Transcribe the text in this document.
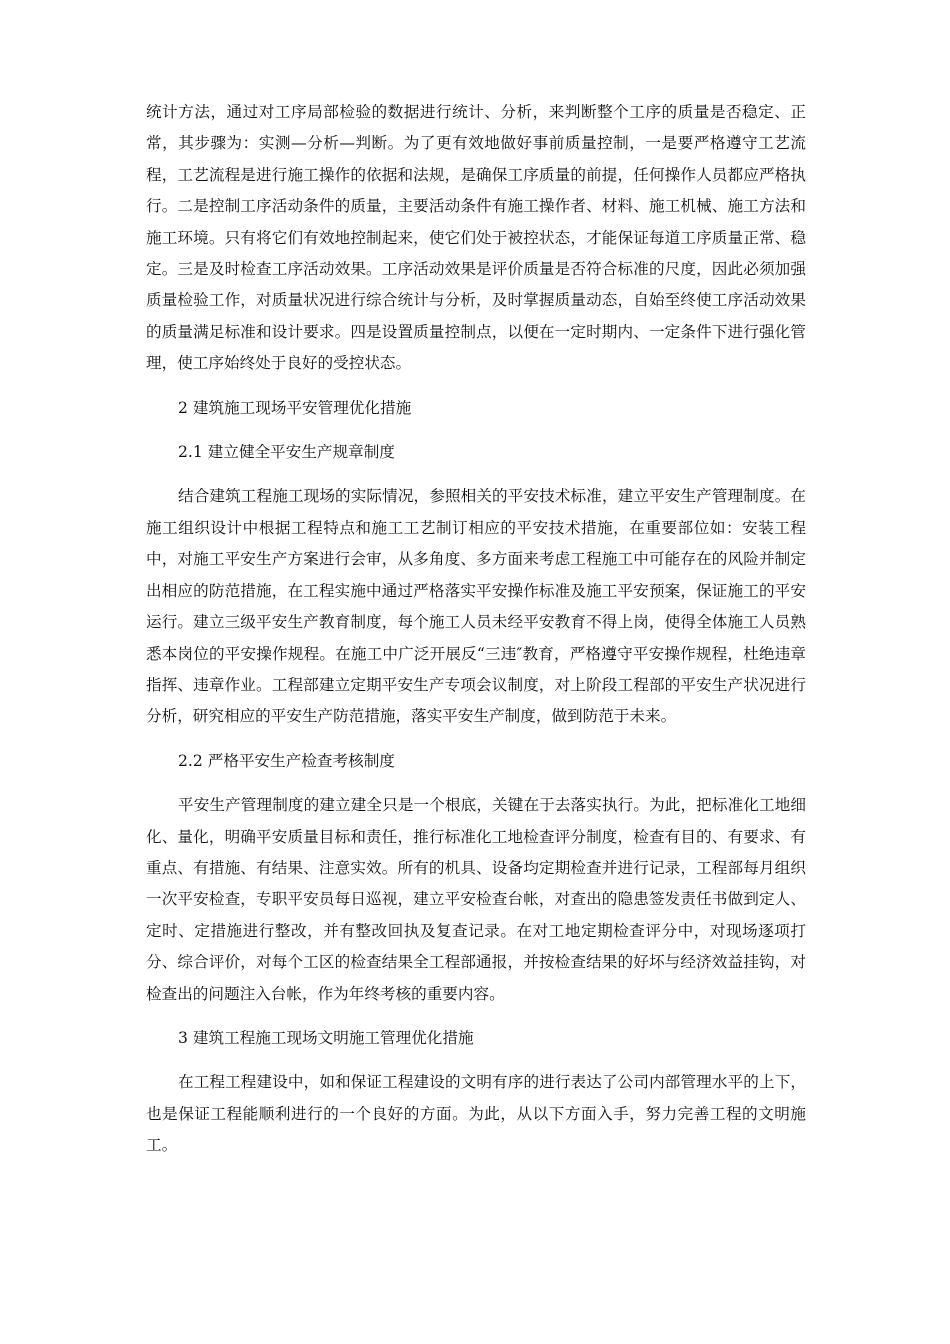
统计方法，通过对工序局部检验的数据进行统计、分析，来判断整个工序的质量是否稳定、正常，其步骤为：实测—分析—判断。为了更有效地做好事前质量控制，一是要严格遵守工艺流程，工艺流程是进行施工操作的依据和法规，是确保工序质量的前提，任何操作人员都应严格执行。二是控制工序活动条件的质量，主要活动条件有施工操作者、材料、施工机械、施工方法和施工环境。只有将它们有效地控制起来，使它们处于被控状态，才能保证每道工序质量正常、稳定。三是及时检查工序活动效果。工序活动效果是评价质量是否符合标准的尺度，因此必须加强质量检验工作，对质量状况进行综合统计与分析，及时掌握质量动态，自始至终使工序活动效果的质量满足标准和设计要求。四是设置质量控制点，以便在一定时期内、一定条件下进行强化管理，使工序始终处于良好的受控状态。

2 建筑施工现场平安管理优化措施

2.1 建立健全平安生产规章制度

结合建筑工程施工现场的实际情况，参照相关的平安技术标准，建立平安生产管理制度。在施工组织设计中根据工程特点和施工工艺制订相应的平安技术措施，在重要部位如：安装工程中，对施工平安生产方案进行会审，从多角度、多方面来考虑工程施工中可能存在的风险并制定出相应的防范措施，在工程实施中通过严格落实平安操作标准及施工平安预案，保证施工的平安运行。建立三级平安生产教育制度，每个施工人员未经平安教育不得上岗，使得全体施工人员熟悉本岗位的平安操作规程。在施工中广泛开展反“三违″教育，严格遵守平安操作规程，杜绝违章指挥、违章作业。工程部建立定期平安生产专项会议制度，对上阶段工程部的平安生产状况进行分析，研究相应的平安生产防范措施，落实平安生产制度，做到防范于未来。

2.2 严格平安生产检查考核制度

平安生产管理制度的建立建全只是一个根底，关键在于去落实执行。为此，把标准化工地细化、量化，明确平安质量目标和责任，推行标准化工地检查评分制度，检查有目的、有要求、有重点、有措施、有结果、注意实效。所有的机具、设备均定期检查并进行记录，工程部每月组织一次平安检查，专职平安员每日巡视，建立平安检查台帐，对查出的隐患签发责任书做到定人、定时、定措施进行整改，并有整改回执及复查记录。在对工地定期检查评分中，对现场逐项打分、综合评价，对每个工区的检查结果全工程部通报，并按检查结果的好坏与经济效益挂钩，对检查出的问题注入台帐，作为年终考核的重要内容。

3 建筑工程施工现场文明施工管理优化措施

在工程工程建设中，如和保证工程建设的文明有序的进行表达了公司内部管理水平的上下，也是保证工程能顺利进行的一个良好的方面。为此，从以下方面入手，努力完善工程的文明施工。
